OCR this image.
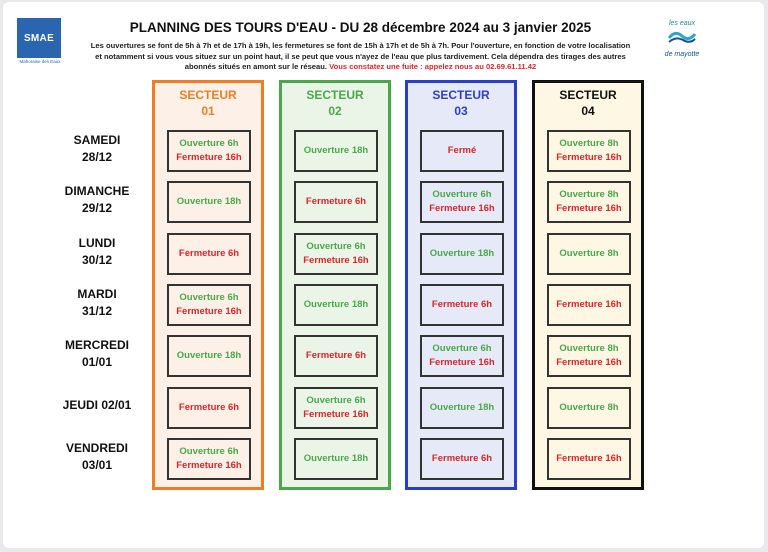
SMAE
Mahoraise des Eaux
les eaux
de mayotte
PLANNING DES TOURS D'EAU - DU 28 décembre 2024 au 3 janvier 2025
Les ouvertures se font de 5h à 7h et de 17h à 19h, les fermetures se font de 15h à 17h et de 5h à 7h. Pour l'ouverture, en fonction de votre localisation
et notamment si vous vous situez sur un point haut, il se peut que vous n'ayez de l'eau que plus tardivement. Cela dépendra des tirages des autres
abonnés situés en amont sur le réseau. Vous constatez une fuite : appelez nous au 02.69.61.11.42
SAMEDI
28/12
DIMANCHE
29/12
LUNDI
30/12
MARDI
31/12
MERCREDI
01/01
JEUDI 02/01
VENDREDI
03/01
SECTEUR
01
Ouverture 6h
Fermeture 16h
Ouverture 18h
Fermeture 6h
Ouverture 6h
Fermeture 16h
Ouverture 18h
Fermeture 6h
Ouverture 6h
Fermeture 16h
SECTEUR
02
Ouverture 18h
Fermeture 6h
Ouverture 6h
Fermeture 16h
Ouverture 18h
Fermeture 6h
Ouverture 6h
Fermeture 16h
Ouverture 18h
SECTEUR
03
Fermé
Ouverture 6h
Fermeture 16h
Ouverture 18h
Fermeture 6h
Ouverture 6h
Fermeture 16h
Ouverture 18h
Fermeture 6h
SECTEUR
04
Ouverture 8h
Fermeture 16h
Ouverture 8h
Fermeture 16h
Ouverture 8h
Fermeture 16h
Ouverture 8h
Fermeture 16h
Ouverture 8h
Fermeture 16h
